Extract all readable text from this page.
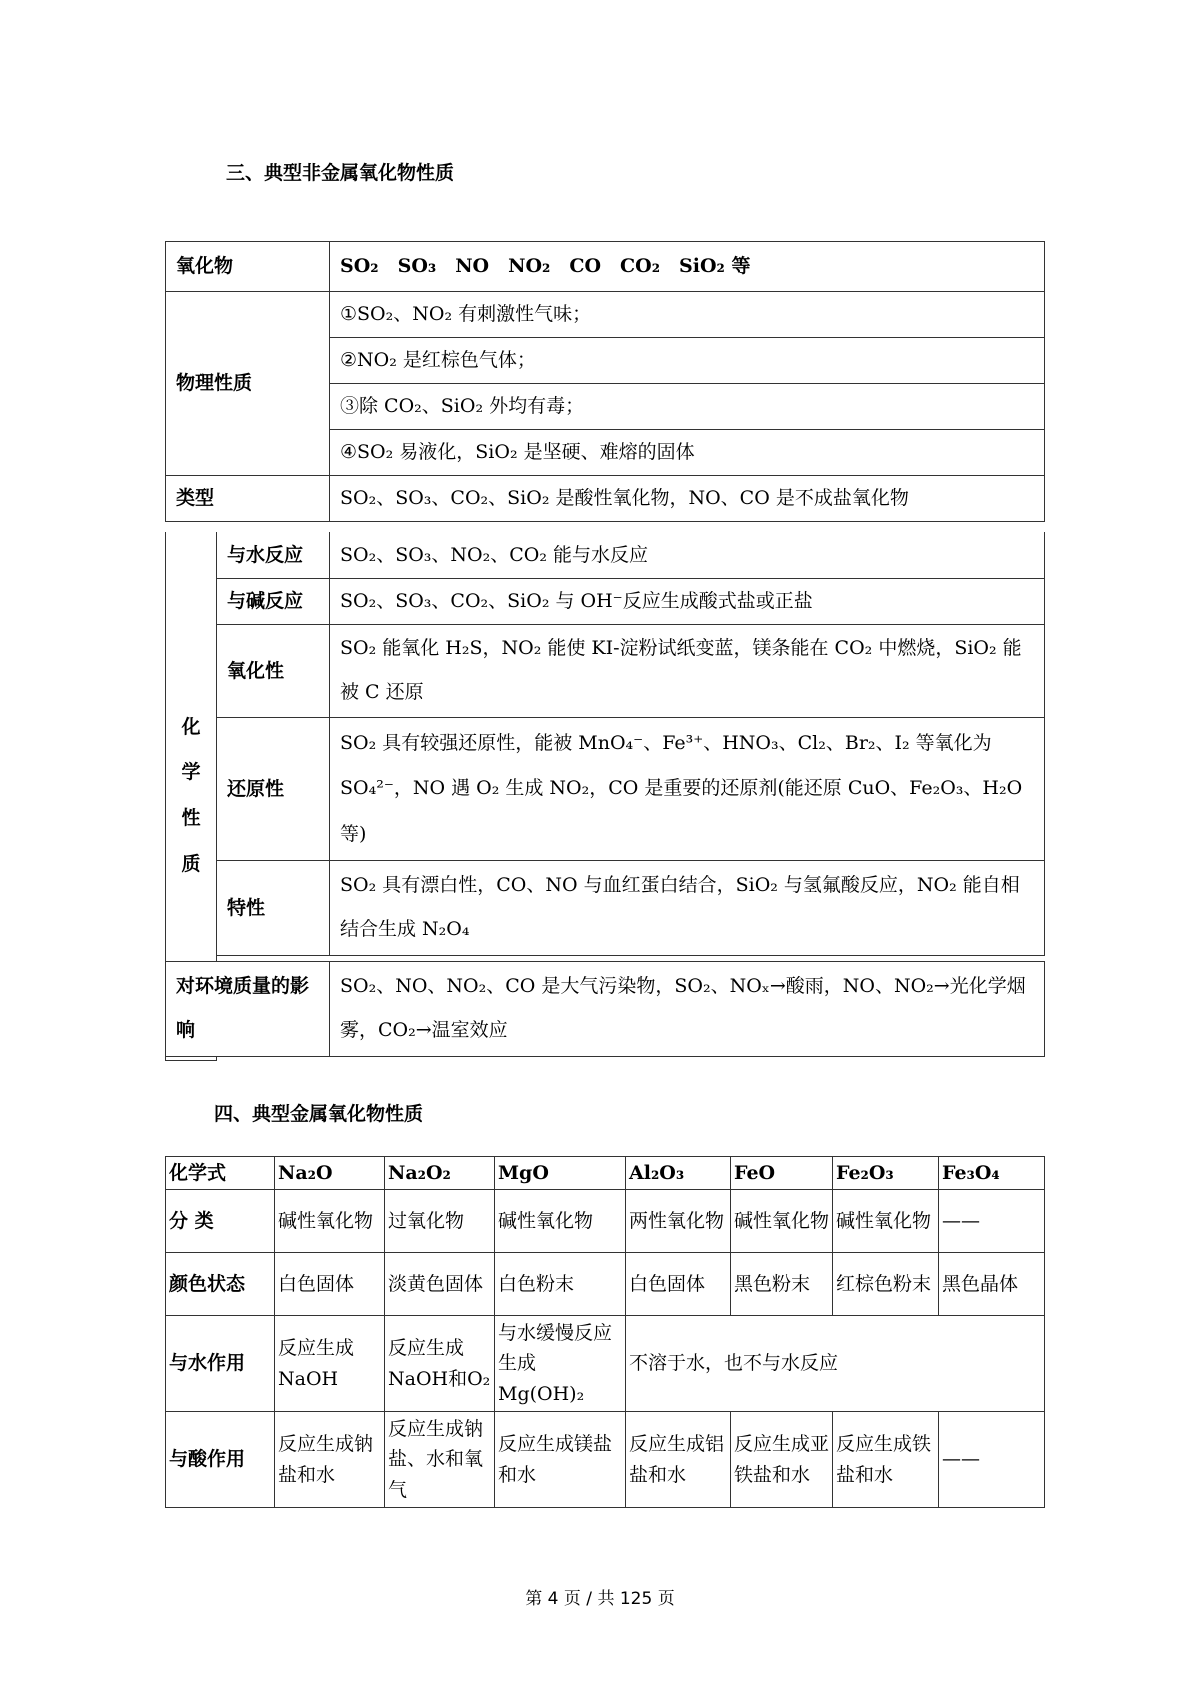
三、典型非金属氧化物性质
氧化物	SO₂　SO₃　NO　NO₂　CO　CO₂　SiO₂ 等
物理性质	①SO₂、NO₂ 有刺激性气味；
	②NO₂ 是红棕色气体；
	③除 CO₂、SiO₂ 外均有毒；
	④SO₂ 易液化，SiO₂ 是坚硬、难熔的固体
类型	SO₂、SO₃、CO₂、SiO₂ 是酸性氧化物，NO、CO 是不成盐氧化物
化
学
性
质
与水反应	SO₂、SO₃、NO₂、CO₂ 能与水反应
与碱反应	SO₂、SO₃、CO₂、SiO₂ 与 OH⁻反应生成酸式盐或正盐
氧化性	SO₂ 能氧化 H₂S，NO₂ 能使 KI-淀粉试纸变蓝，镁条能在 CO₂ 中燃烧，SiO₂ 能被 C 还原
还原性	SO₂ 具有较强还原性，能被 MnO₄⁻、Fe³⁺、HNO₃、Cl₂、Br₂、I₂ 等氧化为 SO₄²⁻，NO 遇 O₂ 生成 NO₂，CO 是重要的还原剂(能还原 CuO、Fe₂O₃、H₂O 等)
特性	SO₂ 具有漂白性，CO、NO 与血红蛋白结合，SiO₂ 与氢氟酸反应，NO₂ 能自相结合生成 N₂O₄

对环境质量的影响	SO₂、NO、NO₂、CO 是大气污染物，SO₂、NOₓ→酸雨，NO、NO₂→光化学烟雾，CO₂→温室效应
四、典型金属氧化物性质
化学式	Na₂O	Na₂O₂	MgO	Al₂O₃	FeO	Fe₂O₃	Fe₃O₄
分 类	碱性氧化物	过氧化物	碱性氧化物	两性氧化物	碱性氧化物	碱性氧化物	——
颜色状态	白色固体	淡黄色固体	白色粉末	白色固体	黑色粉末	红棕色粉末	黑色晶体
与水作用	反应生成NaOH	反应生成NaOH和O₂	与水缓慢反应生成Mg(OH)₂	不溶于水，也不与水反应			
与酸作用	反应生成钠盐和水	反应生成钠盐、水和氧气	反应生成镁盐和水	反应生成铝盐和水	反应生成亚铁盐和水	反应生成铁盐和水	——
第 4 页 / 共 125 页
